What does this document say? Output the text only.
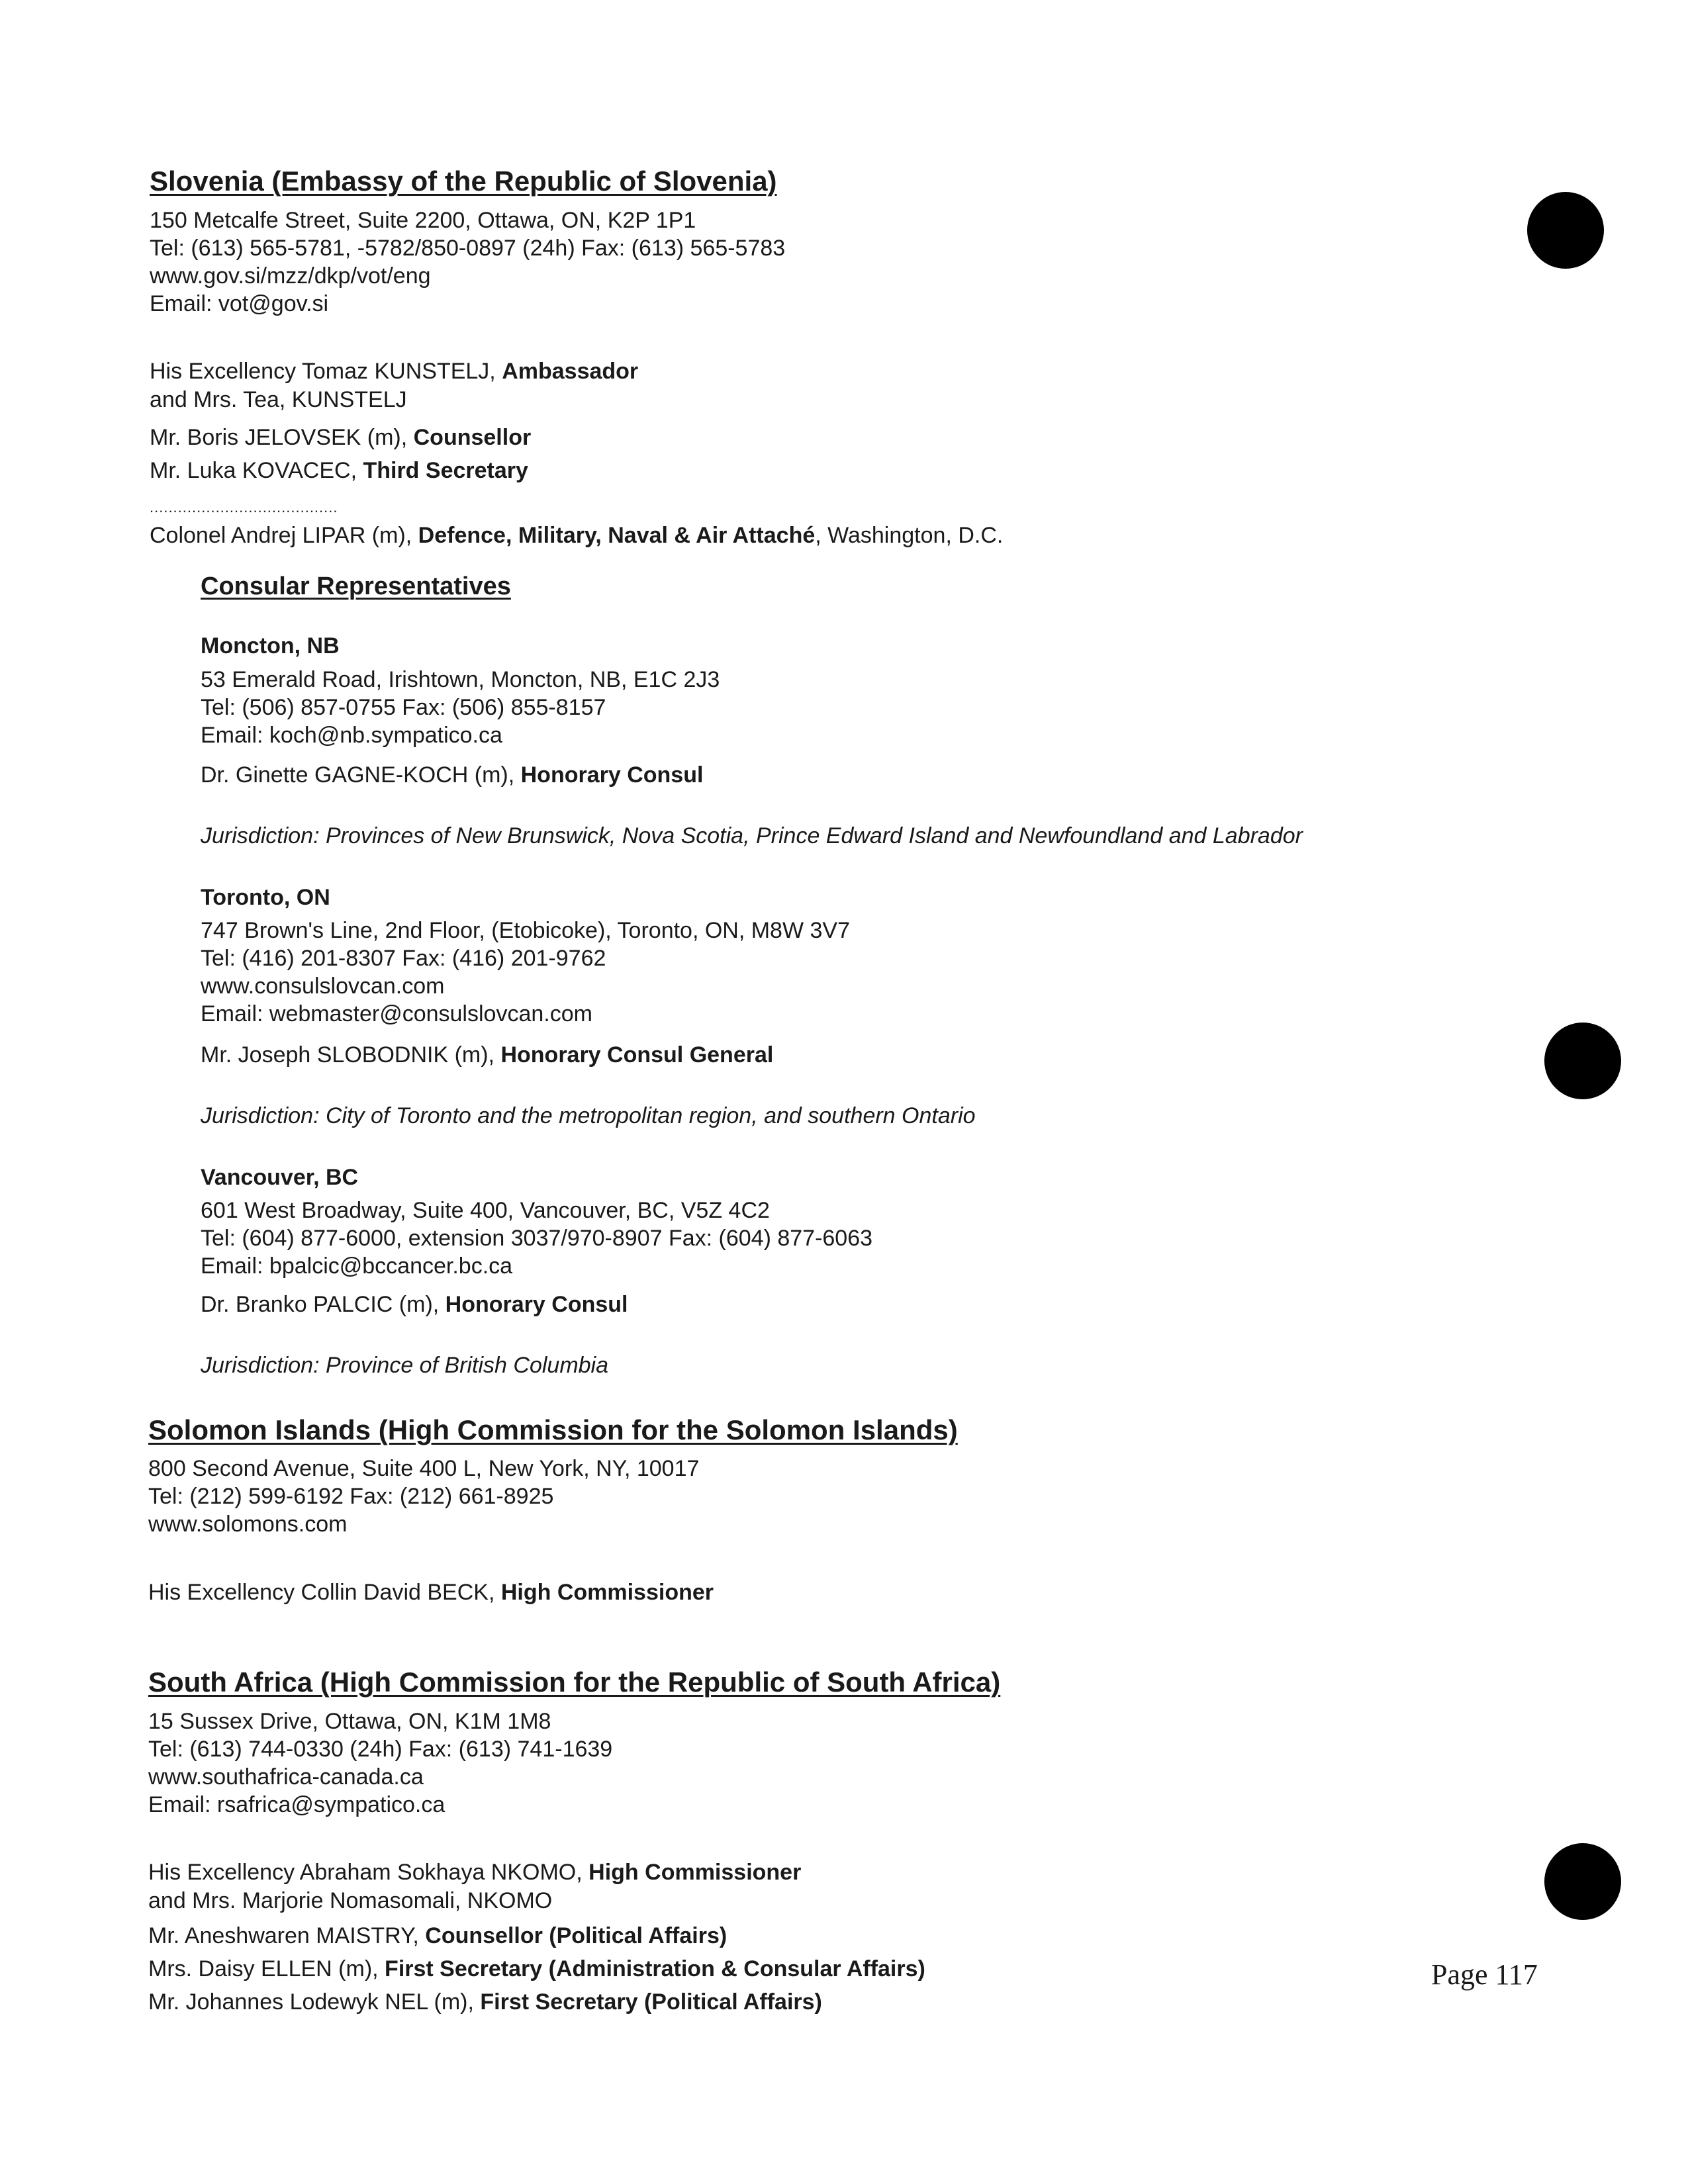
Slovenia (Embassy of the Republic of Slovenia)
150 Metcalfe Street, Suite 2200, Ottawa, ON, K2P 1P1
Tel: (613) 565-5781, -5782/850-0897 (24h) Fax: (613) 565-5783
www.gov.si/mzz/dkp/vot/eng
Email: vot@gov.si
His Excellency Tomaz KUNSTELJ, Ambassador
and Mrs. Tea, KUNSTELJ
Mr. Boris JELOVSEK (m), Counsellor
Mr. Luka KOVACEC, Third Secretary
........................................
Colonel Andrej LIPAR (m), Defence, Military, Naval & Air Attaché, Washington, D.C.
Consular Representatives
Moncton, NB
53 Emerald Road, Irishtown, Moncton, NB, E1C 2J3
Tel: (506) 857-0755 Fax: (506) 855-8157
Email: koch@nb.sympatico.ca
Dr. Ginette GAGNE-KOCH (m), Honorary Consul
Jurisdiction: Provinces of New Brunswick, Nova Scotia, Prince Edward Island and Newfoundland and Labrador
Toronto, ON
747 Brown's Line, 2nd Floor, (Etobicoke), Toronto, ON, M8W 3V7
Tel: (416) 201-8307 Fax: (416) 201-9762
www.consulslovcan.com
Email: webmaster@consulslovcan.com
Mr. Joseph SLOBODNIK (m), Honorary Consul General
Jurisdiction: City of Toronto and the metropolitan region, and southern Ontario
Vancouver, BC
601 West Broadway, Suite 400, Vancouver, BC, V5Z 4C2
Tel: (604) 877-6000, extension 3037/970-8907 Fax: (604) 877-6063
Email: bpalcic@bccancer.bc.ca
Dr. Branko PALCIC (m), Honorary Consul
Jurisdiction: Province of British Columbia
Solomon Islands (High Commission for the Solomon Islands)
800 Second Avenue, Suite 400 L, New York, NY, 10017
Tel: (212) 599-6192 Fax: (212) 661-8925
www.solomons.com
His Excellency Collin David BECK, High Commissioner
South Africa (High Commission for the Republic of South Africa)
15 Sussex Drive, Ottawa, ON, K1M 1M8
Tel: (613) 744-0330 (24h) Fax: (613) 741-1639
www.southafrica-canada.ca
Email: rsafrica@sympatico.ca
His Excellency Abraham Sokhaya NKOMO, High Commissioner
and Mrs. Marjorie Nomasomali, NKOMO
Mr. Aneshwaren MAISTRY, Counsellor (Political Affairs)
Mrs. Daisy ELLEN (m), First Secretary (Administration & Consular Affairs)
Mr. Johannes Lodewyk NEL (m), First Secretary (Political Affairs)
Page 117
